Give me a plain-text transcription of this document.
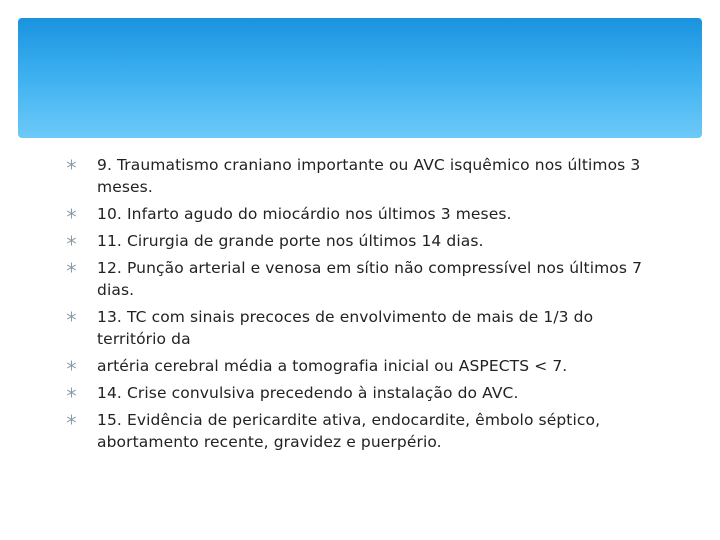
9. Traumatismo craniano importante ou AVC isquêmico nos últimos 3 meses.
10. Infarto agudo do miocárdio nos últimos 3 meses.
11. Cirurgia de grande porte nos últimos 14 dias.
12. Punção arterial e venosa em sítio não compressível nos últimos 7 dias.
13. TC com sinais precoces de envolvimento de mais de 1/3 do território da
artéria cerebral média a tomografia inicial ou ASPECTS < 7.
14. Crise convulsiva precedendo à instalação do AVC.
15. Evidência de pericardite ativa, endocardite, êmbolo séptico, abortamento recente, gravidez e puerpério.
